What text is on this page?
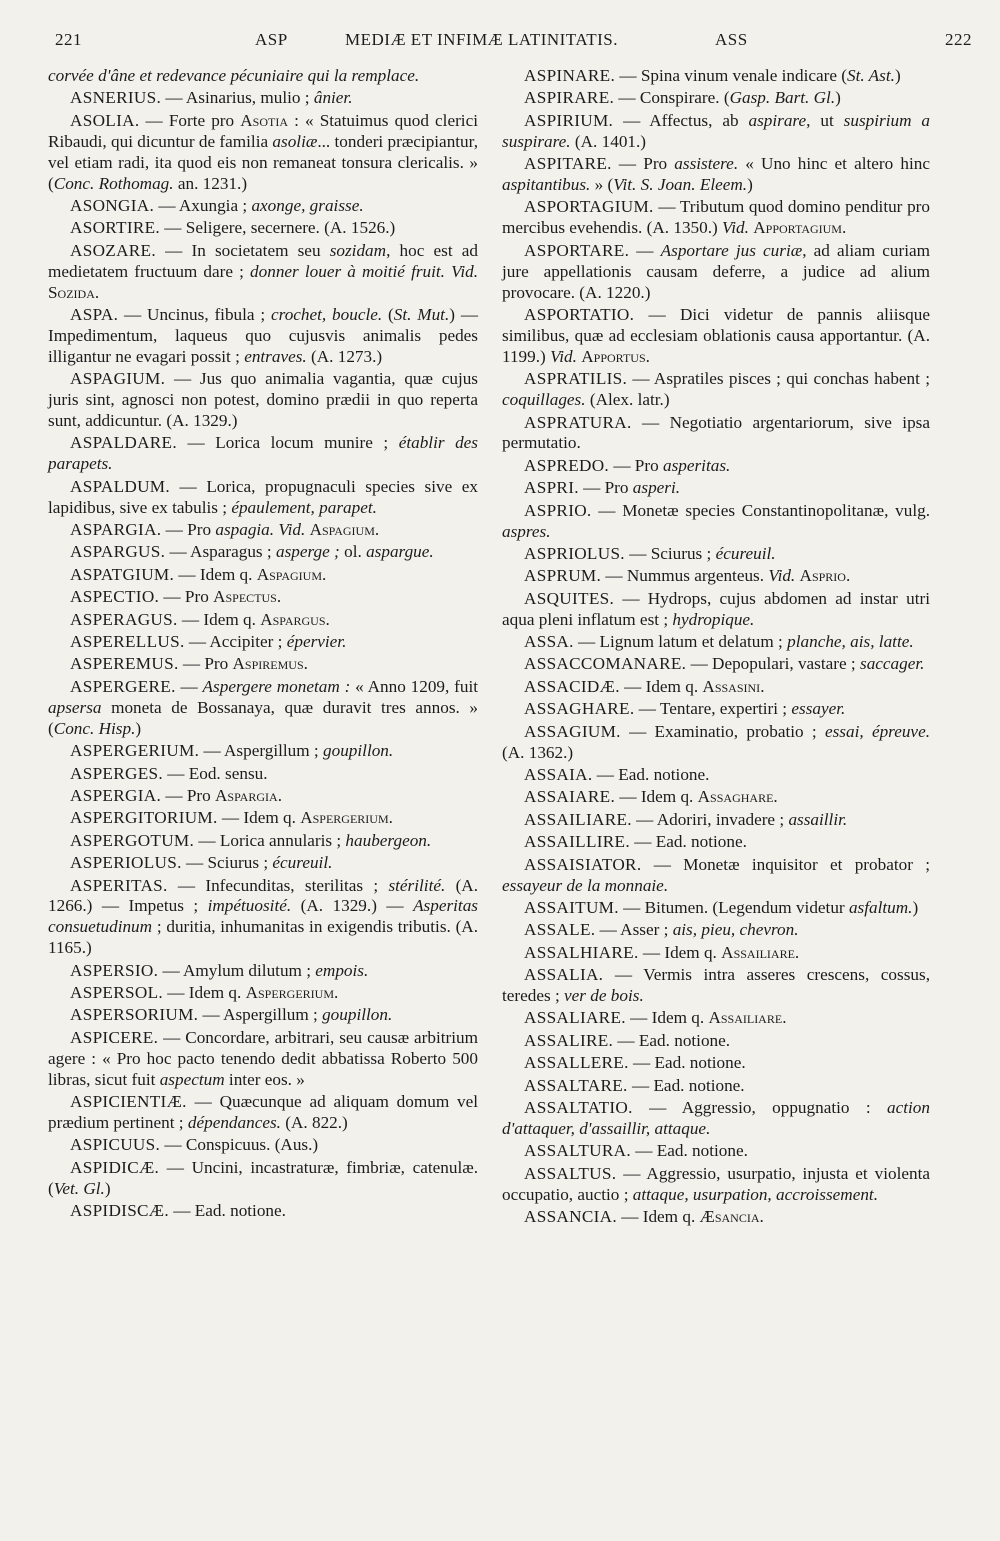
221	ASP	MEDIÆ ET INFIMÆ LATINITATIS.	ASS	222

corvée d'âne et redevance pécuniaire qui la remplace.

ASNERIUS. — Asinarius, mulio ; ânier.

ASOLIA. — Forte pro Asotia : « Statuimus quod clerici Ribaudi, qui dicuntur de familia asoliæ... tonderi præcipiantur, vel etiam radi, ita quod eis non remaneat tonsura clericalis. » (Conc. Rothomag. an. 1231.)

ASONGIA. — Axungia ; axonge, graisse.

ASORTIRE. — Seligere, secernere. (A. 1526.)

ASOZARE. — In societatem seu sozidam, hoc est ad medietatem fructuum dare ; donner louer à moitié fruit. Vid. Sozida.

ASPA. — Uncinus, fibula ; crochet, boucle. (St. Mut.) — Impedimentum, laqueus quo cujusvis animalis pedes illigantur ne evagari possit ; entraves. (A. 1273.)

ASPAGIUM. — Jus quo animalia vagantia, quæ cujus juris sint, agnosci non potest, domino prædii in quo reperta sunt, addicuntur. (A. 1329.)

ASPALDARE. — Lorica locum munire ; établir des parapets.

ASPALDUM. — Lorica, propugnaculi species sive ex lapidibus, sive ex tabulis ; épaulement, parapet.

ASPARGIA. — Pro aspagia. Vid. Aspagium.

ASPARGUS. — Asparagus ; asperge ; ol. aspargue.

ASPATGIUM. — Idem q. Aspagium.

ASPECTIO. — Pro Aspectus.

ASPERAGUS. — Idem q. Aspargus.

ASPERELLUS. — Accipiter ; épervier.

ASPEREMUS. — Pro Aspiremus.

ASPERGERE. — Aspergere monetam : « Anno 1209, fuit apsersa moneta de Bossanaya, quæ duravit tres annos. » (Conc. Hisp.)

ASPERGERIUM. — Aspergillum ; goupillon.

ASPERGES. — Eod. sensu.

ASPERGIA. — Pro Aspargia.

ASPERGITORIUM. — Idem q. Aspergerium.

ASPERGOTUM. — Lorica annularis ; haubergeon.

ASPERIOLUS. — Sciurus ; écureuil.

ASPERITAS. — Infecunditas, sterilitas ; stérilité. (A. 1266.) — Impetus ; impétuosité. (A. 1329.) — Asperitas consuetudinum ; duritia, inhumanitas in exigendis tributis. (A. 1165.)

ASPERSIO. — Amylum dilutum ; empois.

ASPERSOL. — Idem q. Aspergerium.

ASPERSORIUM. — Aspergillum ; goupillon.

ASPICERE. — Concordare, arbitrari, seu causæ arbitrium agere : « Pro hoc pacto tenendo dedit abbatissa Roberto 500 libras, sicut fuit aspectum inter eos. »

ASPICIENTIÆ. — Quæcunque ad aliquam domum vel prædium pertinent ; dépendances. (A. 822.)

ASPICUUS. — Conspicuus. (Aus.)

ASPIDICÆ. — Uncini, incastraturæ, fimbriæ, catenulæ. (Vet. Gl.)

ASPIDISCÆ. — Ead. notione.

ASPINARE. — Spina vinum venale indicare (St. Ast.)

ASPIRARE. — Conspirare. (Gasp. Bart. Gl.)

ASPIRIUM. — Affectus, ab aspirare, ut suspirium a suspirare. (A. 1401.)

ASPITARE. — Pro assistere. « Uno hinc et altero hinc aspitantibus. » (Vit. S. Joan. Eleem.)

ASPORTAGIUM. — Tributum quod domino penditur pro mercibus evehendis. (A. 1350.) Vid. Apportagium.

ASPORTARE. — Asportare jus curiæ, ad aliam curiam jure appellationis causam deferre, a judice ad alium provocare. (A. 1220.)

ASPORTATIO. — Dici videtur de pannis aliisque similibus, quæ ad ecclesiam oblationis causa apportantur. (A. 1199.) Vid. Apportus.

ASPRATILIS. — Aspratiles pisces ; qui conchas habent ; coquillages. (Alex. latr.)

ASPRATURA. — Negotiatio argentariorum, sive ipsa permutatio.

ASPREDO. — Pro asperitas.

ASPRI. — Pro asperi.

ASPRIO. — Monetæ species Constantinopolitanæ, vulg. aspres.

ASPRIOLUS. — Sciurus ; écureuil.

ASPRUM. — Nummus argenteus. Vid. Asprio.

ASQUITES. — Hydrops, cujus abdomen ad instar utri aqua pleni inflatum est ; hydropique.

ASSA. — Lignum latum et delatum ; planche, ais, latte.

ASSACCOMANARE. — Depopulari, vastare ; saccager.

ASSACIDÆ. — Idem q. Assasini.

ASSAGHARE. — Tentare, expertiri ; essayer.

ASSAGIUM. — Examinatio, probatio ; essai, épreuve. (A. 1362.)

ASSAIA. — Ead. notione.

ASSAIARE. — Idem q. Assaghare.

ASSAILIARE. — Adoriri, invadere ; assaillir.

ASSAILLIRE. — Ead. notione.

ASSAISIATOR. — Monetæ inquisitor et probator ; essayeur de la monnaie.

ASSAITUM. — Bitumen. (Legendum videtur asfaltum.)

ASSALE. — Asser ; ais, pieu, chevron.

ASSALHIARE. — Idem q. Assailiare.

ASSALIA. — Vermis intra asseres crescens, cossus, teredes ; ver de bois.

ASSALIARE. — Idem q. Assailiare.

ASSALIRE. — Ead. notione.

ASSALLERE. — Ead. notione.

ASSALTARE. — Ead. notione.

ASSALTATIO. — Aggressio, oppugnatio : action d'attaquer, d'assaillir, attaque.

ASSALTURA. — Ead. notione.

ASSALTUS. — Aggressio, usurpatio, injusta et violenta occupatio, auctio ; attaque, usurpation, accroissement.

ASSANCIA. — Idem q. Æsancia.
